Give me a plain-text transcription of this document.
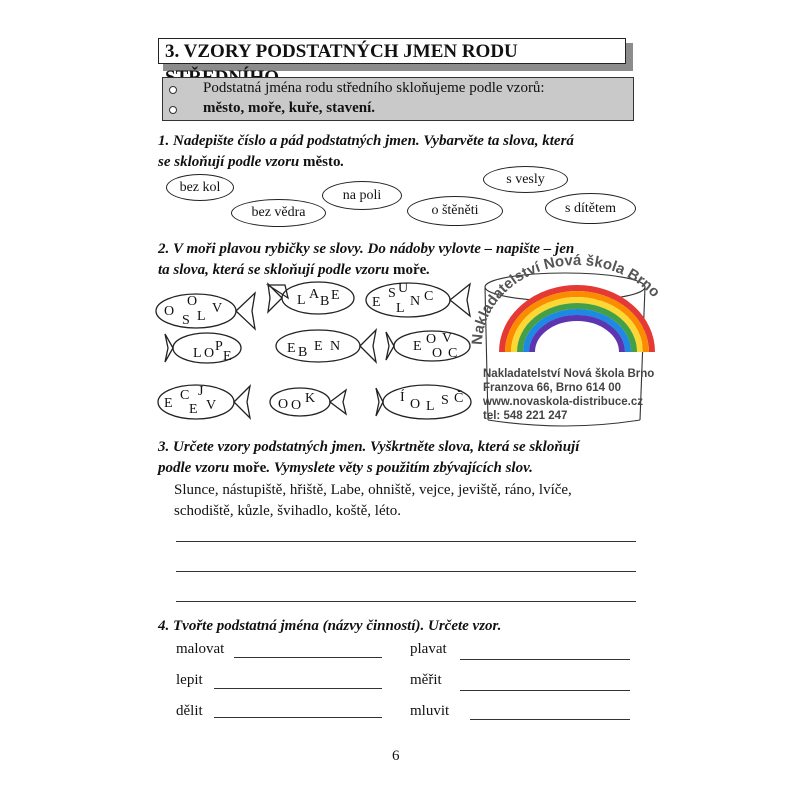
3. VZORY PODSTATNÝCH JMEN RODU
Podstatná jména rodu středního skloňujeme podle vzorů:
město, moře, kuře, stavení.
1. Nadepište číslo a pád podstatných jmen. Vybarvěte ta slova, která
se skloňují podle vzoru město.
bez kol
na poli
s vesly
bez vědra	o štěněti	s dítětem
2. V moři plavou rybičky se slovy. Do nádoby vylovte – napište – jen
ta slova, která se skloňují podle vzoru moře.
O
S
O
L
V
L A B E E
S U
L N C
L O P
E
E B E N	E O V
O C
E
C J
E V	O O K	Í O L S Č
Nakladatelství Nová škola Brno
Nakladatelství Nová škola Brno
Franzova 66, Brno 614 00
www.novaskola-distribuce.cz
tel: 548 221 247
3. Určete vzory podstatných jmen. Vyškrtněte slova, která se skloňují
podle vzoru moře. Vymyslete věty s použitím zbývajících slov.
Slunce, nástupiště, hřiště, Labe, ohniště, vejce, jeviště, ráno, lvíče,
schodiště, kůzle, švihadlo, koště, léto.
4. Tvořte podstatná jména (názvy činností). Určete vzor.
malovat
lepit
dělit
plavat
měřit
mluvit
6
